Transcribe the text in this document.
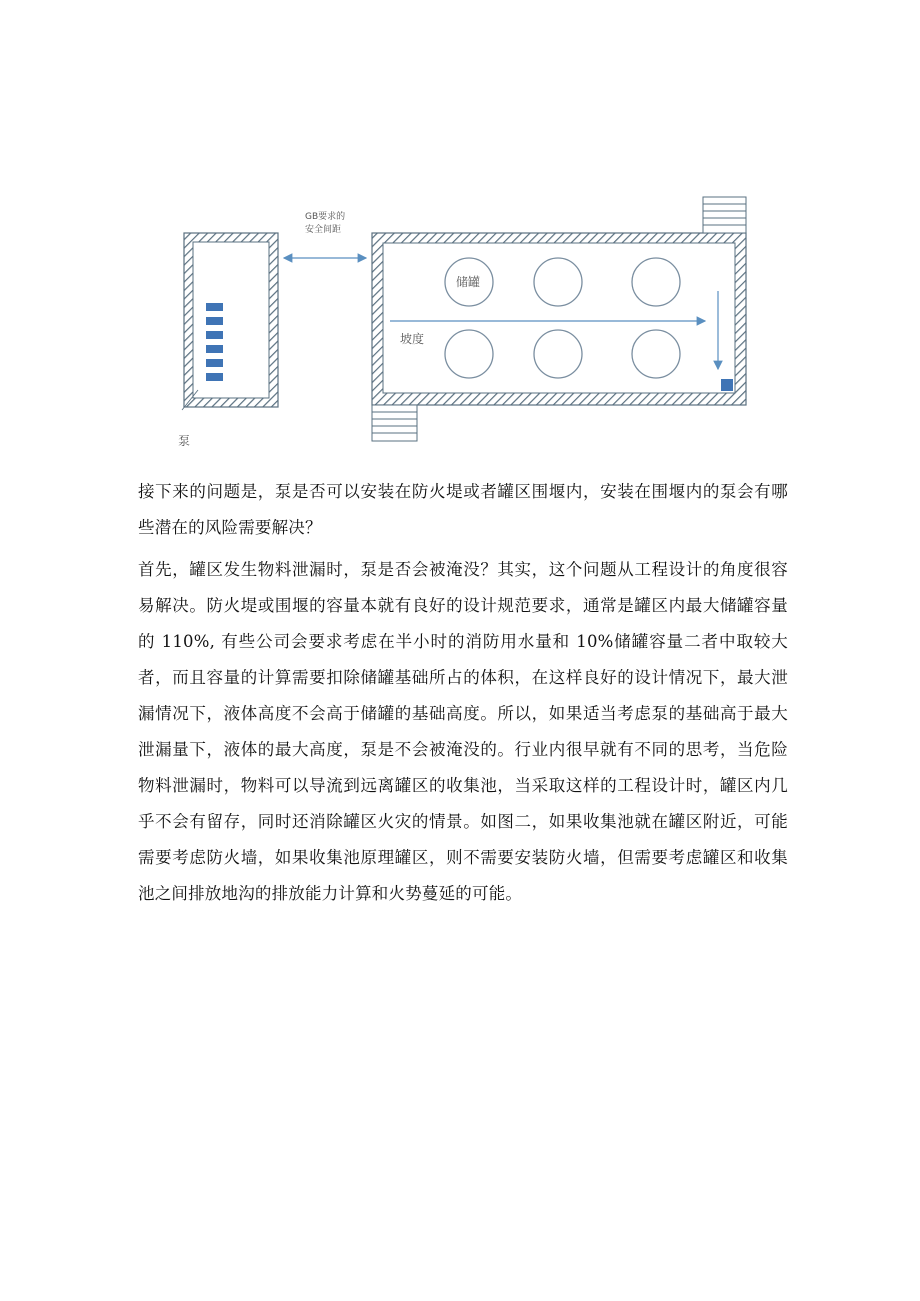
泵
GB要求的
安全间距
储罐
坡度

接下来的问题是，泵是否可以安装在防火堤或者罐区围堰内，安装在围堰内的泵会有哪些潜在的风险需要解决？

首先，罐区发生物料泄漏时，泵是否会被淹没？其实，这个问题从工程设计的角度很容易解决。防火堤或围堰的容量本就有良好的设计规范要求，通常是罐区内最大储罐容量的 110%, 有些公司会要求考虑在半小时的消防用水量和 10%储罐容量二者中取较大者，而且容量的计算需要扣除储罐基础所占的体积，在这样良好的设计情况下，最大泄漏情况下，液体高度不会高于储罐的基础高度。所以，如果适当考虑泵的基础高于最大泄漏量下，液体的最大高度，泵是不会被淹没的。行业内很早就有不同的思考，当危险物料泄漏时，物料可以导流到远离罐区的收集池，当采取这样的工程设计时，罐区内几乎不会有留存，同时还消除罐区火灾的情景。如图二，如果收集池就在罐区附近，可能需要考虑防火墙，如果收集池原理罐区，则不需要安装防火墙，但需要考虑罐区和收集池之间排放地沟的排放能力计算和火势蔓延的可能。
